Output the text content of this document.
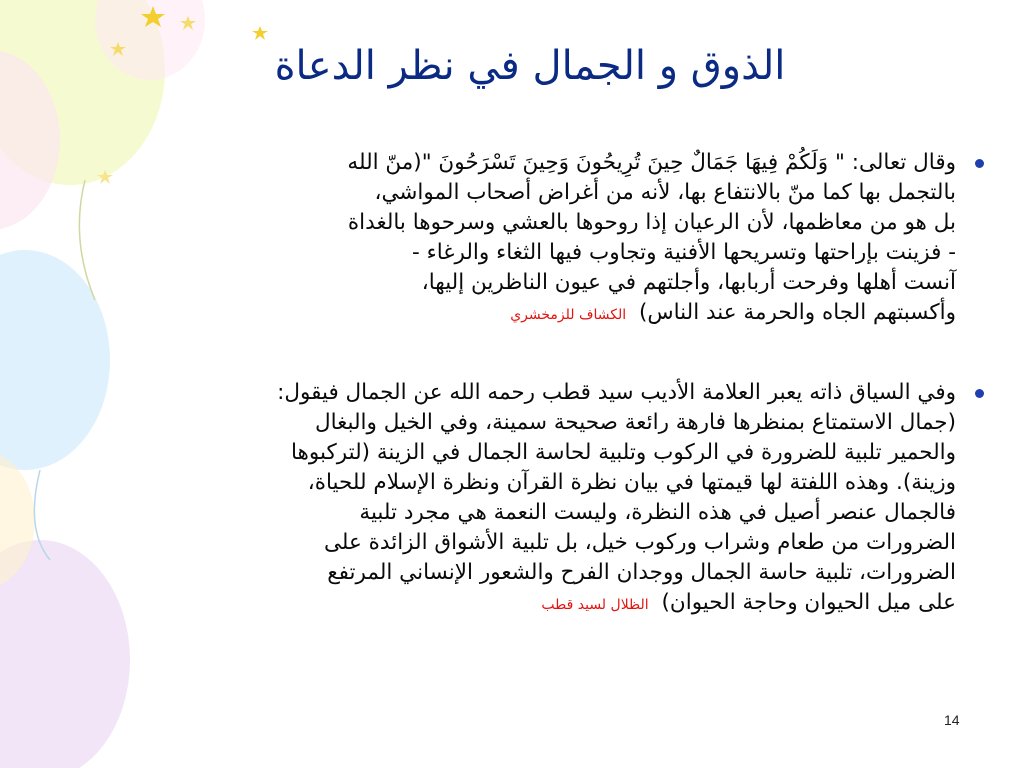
الذوق و الجمال في نظر الدعاة
وقال تعالى: " وَلَكُمْ فِيهَا جَمَالٌ حِينَ تُرِيحُونَ وَحِينَ تَسْرَحُونَ "(منّ الله
بالتجمل بها كما منّ بالانتفاع بها، لأنه من أغراض أصحاب المواشي،
بل هو من معاظمها، لأن الرعيان إذا روحوها بالعشي وسرحوها بالغداة
- فزينت بإراحتها وتسريحها الأفنية وتجاوب فيها الثغاء والرغاء -
آنست أهلها وفرحت أربابها، وأجلتهم في عيون الناظرين إليها،
وأكسبتهم الجاه والحرمة عند الناس) الكشاف للزمخشري
وفي السياق ذاته يعبر العلامة الأديب سيد قطب رحمه الله عن الجمال فيقول:
(جمال الاستمتاع بمنظرها فارهة رائعة صحيحة سمينة، وفي الخيل والبغال
والحمير تلبية للضرورة في الركوب وتلبية لحاسة الجمال في الزينة (لتركبوها
وزينة). وهذه اللفتة لها قيمتها في بيان نظرة القرآن ونظرة الإسلام للحياة،
فالجمال عنصر أصيل في هذه النظرة، وليست النعمة هي مجرد تلبية
الضرورات من طعام وشراب وركوب خيل، بل تلبية الأشواق الزائدة على
الضرورات، تلبية حاسة الجمال ووجدان الفرح والشعور الإنساني المرتفع
على ميل الحيوان وحاجة الحيوان) الظلال لسيد قطب
14
